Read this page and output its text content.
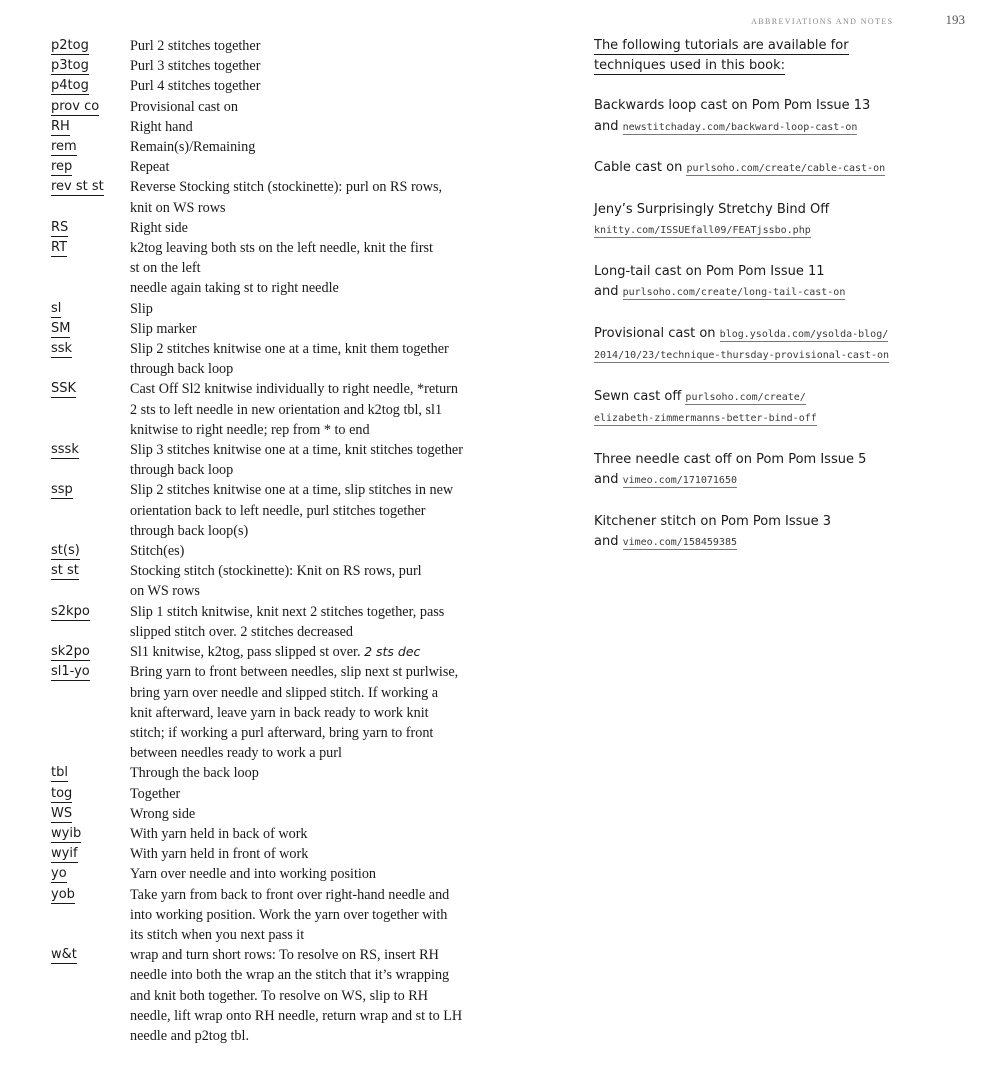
ABBREVIATIONS AND NOTES	193
p2tog	Purl 2 stitches together
p3tog	Purl 3 stitches together
p4tog	Purl 4 stitches together
prov co	Provisional cast on
RH	Right hand
rem	Remain(s)/Remaining
rep	Repeat
rev st st	Reverse Stocking stitch (stockinette): purl on RS rows,
knit on WS rows
RS	Right side
RT	k2tog leaving both sts on the left needle, knit the first
st on the left
needle again taking st to right needle
sl	Slip
SM	Slip marker
ssk	Slip 2 stitches knitwise one at a time, knit them together
through back loop
SSK	Cast Off Sl2 knitwise individually to right needle, *return
2 sts to left needle in new orientation and k2tog tbl, sl1
knitwise to right needle; rep from * to end
sssk	Slip 3 stitches knitwise one at a time, knit stitches together
through back loop
ssp	Slip 2 stitches knitwise one at a time, slip stitches in new
orientation back to left needle, purl stitches together
through back loop(s)
st(s)	Stitch(es)
st st	Stocking stitch (stockinette): Knit on RS rows, purl
on WS rows
s2kpo	Slip 1 stitch knitwise, knit next 2 stitches together, pass
slipped stitch over. 2 stitches decreased
sk2po	Sl1 knitwise, k2tog, pass slipped st over. 2 sts dec
sl1-yo	Bring yarn to front between needles, slip next st purlwise,
bring yarn over needle and slipped stitch. If working a
knit afterward, leave yarn in back ready to work knit
stitch; if working a purl afterward, bring yarn to front
between needles ready to work a purl
tbl	Through the back loop
tog	Together
WS	Wrong side
wyib	With yarn held in back of work
wyif	With yarn held in front of work
yo	Yarn over needle and into working position
yob	Take yarn from back to front over right-hand needle and
into working position. Work the yarn over together with
its stitch when you next pass it
w&t	wrap and turn short rows: To resolve on RS, insert RH
needle into both the wrap an the stitch that it’s wrapping
and knit both together. To resolve on WS, slip to RH
needle, lift wrap onto RH needle, return wrap and st to LH
needle and p2tog tbl.
The following tutorials are available for
techniques used in this book:
Backwards loop cast on Pom Pom Issue 13
and newstitchaday.com/backward-loop-cast-on
Cable cast on purlsoho.com/create/cable-cast-on
Jeny’s Surprisingly Stretchy Bind Off
knitty.com/ISSUEfall09/FEATjssbo.php
Long-tail cast on Pom Pom Issue 11
and purlsoho.com/create/long-tail-cast-on
Provisional cast on blog.ysolda.com/ysolda-blog/
2014/10/23/technique-thursday-provisional-cast-on
Sewn cast off purlsoho.com/create/
elizabeth-zimmermanns-better-bind-off
Three needle cast off on Pom Pom Issue 5
and vimeo.com/171071650
Kitchener stitch on Pom Pom Issue 3
and vimeo.com/158459385
